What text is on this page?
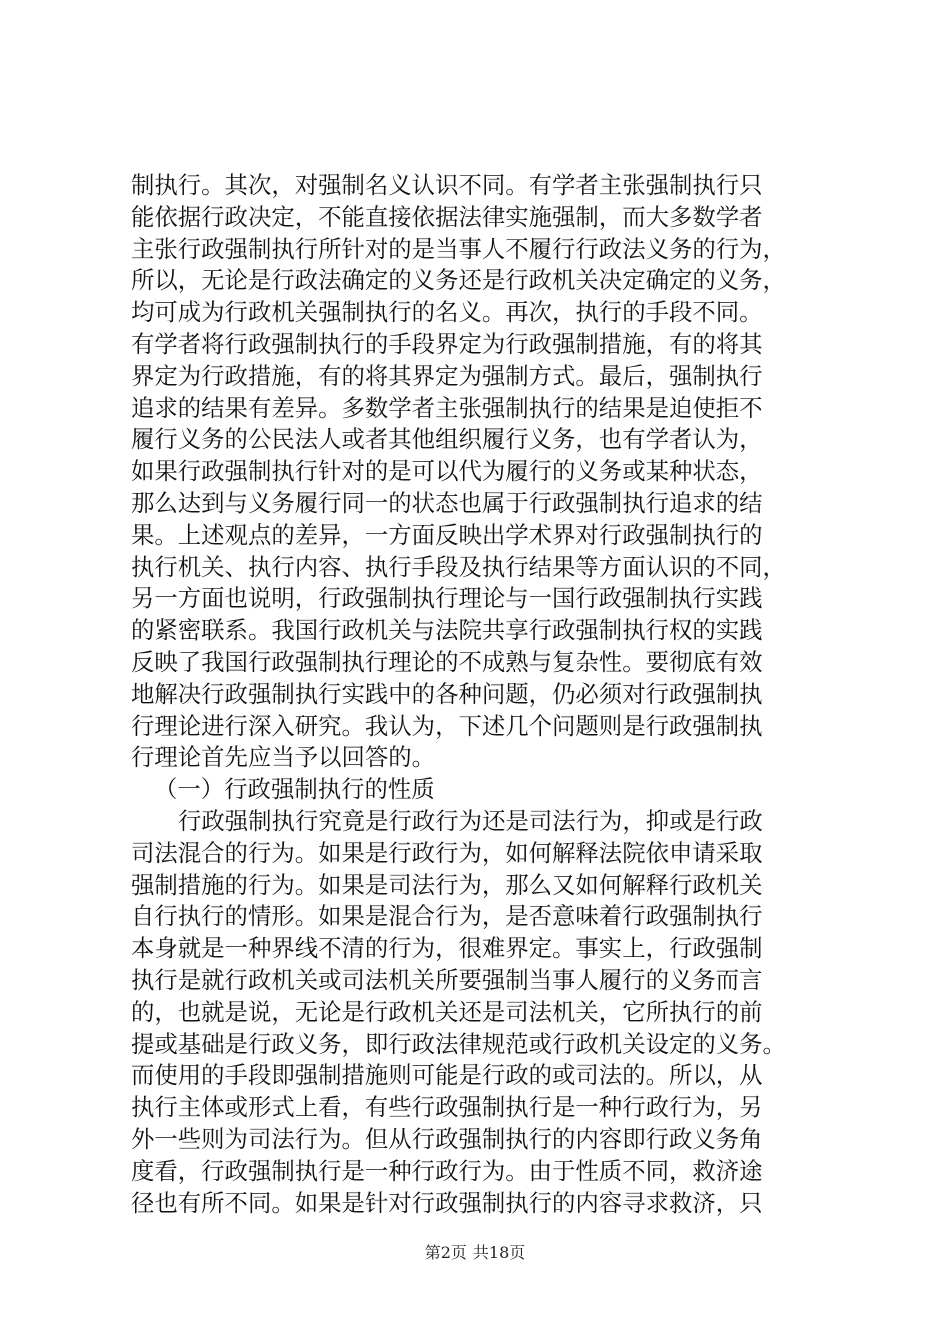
制执行。其次，对强制名义认识不同。有学者主张强制执行只
能依据行政决定，不能直接依据法律实施强制，而大多数学者
主张行政强制执行所针对的是当事人不履行行政法义务的行为，
所以，无论是行政法确定的义务还是行政机关决定确定的义务，
均可成为行政机关强制执行的名义。再次，执行的手段不同。
有学者将行政强制执行的手段界定为行政强制措施，有的将其
界定为行政措施，有的将其界定为强制方式。最后，强制执行
追求的结果有差异。多数学者主张强制执行的结果是迫使拒不
履行义务的公民法人或者其他组织履行义务，也有学者认为，
如果行政强制执行针对的是可以代为履行的义务或某种状态，
那么达到与义务履行同一的状态也属于行政强制执行追求的结
果。上述观点的差异，一方面反映出学术界对行政强制执行的
执行机关、执行内容、执行手段及执行结果等方面认识的不同，
另一方面也说明，行政强制执行理论与一国行政强制执行实践
的紧密联系。我国行政机关与法院共享行政强制执行权的实践
反映了我国行政强制执行理论的不成熟与复杂性。要彻底有效
地解决行政强制执行实践中的各种问题，仍必须对行政强制执
行理论进行深入研究。我认为，下述几个问题则是行政强制执
行理论首先应当予以回答的。
（一）行政强制执行的性质
行政强制执行究竟是行政行为还是司法行为，抑或是行政
司法混合的行为。如果是行政行为，如何解释法院依申请采取
强制措施的行为。如果是司法行为，那么又如何解释行政机关
自行执行的情形。如果是混合行为，是否意味着行政强制执行
本身就是一种界线不清的行为，很难界定。事实上，行政强制
执行是就行政机关或司法机关所要强制当事人履行的义务而言
的，也就是说，无论是行政机关还是司法机关，它所执行的前
提或基础是行政义务，即行政法律规范或行政机关设定的义务。
而使用的手段即强制措施则可能是行政的或司法的。所以，从
执行主体或形式上看，有些行政强制执行是一种行政行为，另
外一些则为司法行为。但从行政强制执行的内容即行政义务角
度看，行政强制执行是一种行政行为。由于性质不同，救济途
径也有所不同。如果是针对行政强制执行的内容寻求救济，只
第2页 共18页
